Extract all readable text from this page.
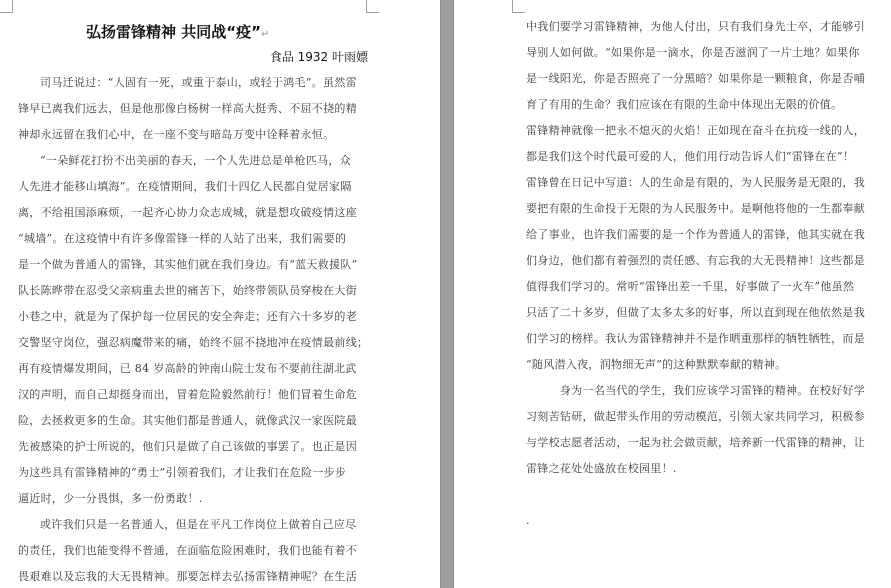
弘扬雷锋精神 共同战“疫”↵
食品 1932 叶雨嫖
司马迁说过：“人固有一死，或重于泰山，或轻于鸿毛”。虽然雷
锋早已离我们远去，但是他那像白杨树一样高大挺秀、不屈不挠的精
神却永远留在我们心中，在一座不变与暗岛万变中诠释着永恒。
“一朵鲜花打扮不出美丽的春天，一个人先进总是单枪匹马，众
人先进才能移山填海”。在疫情期间，我们十四亿人民都自觉居家隔
离，不给祖国添麻烦，一起齐心协力众志成城，就是想攻破疫情这座
“城墙”。在这疫情中有许多像雷锋一样的人站了出来，我们需要的
是一个做为普通人的雷锋，其实他们就在我们身边。有“蓝天救援队”
队长陈晔带在忍受父亲病重去世的痛苦下，始终带领队员穿梭在大街
小巷之中，就是为了保护每一位居民的安全奔走；还有六十多岁的老
交警坚守岗位，强忍病魔带来的痛，始终不屈不挠地冲在疫情最前线；
再有疫情爆发期间，已 84 岁高龄的钟南山院士发布不要前往湖北武
汉的声明，而自己却挺身而出，冒着危险毅然前行！他们冒着生命危
险，去拯救更多的生命。其实他们都是普通人，就像武汉一家医院最
先被感染的护士所说的，他们只是做了自己该做的事罢了。也正是因
为这些具有雷锋精神的“勇士”引领着我们，才让我们在危险一步步
逼近时，少一分畏惧，多一份勇敢！.
或许我们只是一名普通人，但是在平凡工作岗位上做着自己应尽
的责任，我们也能变得不普通，在面临危险困难时，我们也能有着不
畏艰难以及忘我的大无畏精神。那要怎样去弘扬雷锋精神呢？在生活
中我们要学习雷锋精神，为他人付出，只有我们身先士卒，才能够引
导别人如何做。“如果你是一滴水，你是否滋润了一片土地？如果你
是一线阳光，你是否照亮了一分黑暗？如果你是一颗粮食，你是否哺
育了有用的生命？我们应该在有限的生命中体现出无限的价值。
雷锋精神就像一把永不熄灭的火焰！正如现在奋斗在抗疫一线的人，
都是我们这个时代最可爱的人，他们用行动告诉人们“雷锋在在”！
雷锋曾在日记中写道：人的生命是有限的，为人民服务是无限的，我
要把有限的生命投于无限的为人民服务中。是啊他将他的一生都奉献
给了事业，也许我们需要的是一个作为普通人的雷锋，他其实就在我
们身边，他们都有着强烈的责任感、有忘我的大无畏精神！这些都是
值得我们学习的。常听“雷锋出差一千里，好事做了一火车”他虽然
只活了二十多岁，但做了太多太多的好事，所以直到现在他依然是我
们学习的榜样。我认为雷锋精神并不是作晒重那样的牺牲牺牲，而是
“随风潜入夜，润物细无声”的这种默默奉献的精神。
身为一名当代的学生，我们应该学习雷锋的精神。在校好好学
习刻苦钻研，做起带头作用的劳动模范，引领大家共同学习，积极参
与学校志愿者活动，一起为社会做贡献，培养新一代雷锋的精神，让
雷锋之花处处盛放在校园里！.
.
